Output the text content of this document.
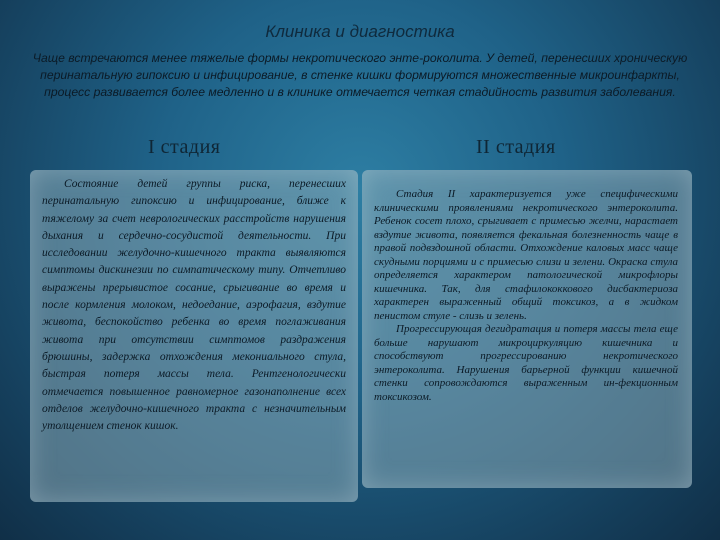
Клиника и диагностика
Чаще встречаются менее тяжелые формы некротического энте-роколита. У детей, перенесших хроническую перинатальную гипоксию и инфицирование, в стенке кишки формируются множественные микроинфаркты, процесс развивается более медленно и в клинике отмечается четкая стадийность развития заболевания.
I стадия	II стадия

Состояние детей группы риска, перенесших перинатальную гипоксию и инфицирование, ближе к тяжелому за счет неврологических расстройств нарушения дыхания и сердечно-сосудистой деятельности. При исследовании желудочно-кишечного тракта выявляются симптомы дискинезии по симпатическому типу. Отчетливо выражены прерывистое сосание, срыгивание во время и после кормления молоком, недоедание, аэрофагия, вздутие живота, беспокойство ребенка во время поглаживания живота при отсутствии симптомов раздражения брюшины, задержка отхождения мекониального стула, быстрая потеря массы тела. Рентгенологически отмечается повышенное равномерное газонаполнение всех отделов желудочно-кишечного тракта с незначительным утолщением стенок кишок.

Стадия II характеризуется уже специфическими клиническими проявлениями некротического энтероколита. Ребенок сосет плохо, срыгивает с примесью желчи, нарастает вздутие живота, появляется фекальная болезненность чаще в правой подвздошной области. Отхождение каловых масс чаще скудными порциями и с примесью слизи и зелени. Окраска стула определяется характером патологической микрофлоры кишечника. Так, для стафилококкового дисбактериоза характерен выраженный общий токсикоз, а в жидком пенистом стуле - слизь и зелень.

Прогрессирующая дегидратация и потеря массы тела еще больше нарушают микроциркуляцию кишечника и способствуют прогрессированию некротического энтероколита. Нарушения барьерной функции кишечной стенки сопровождаются выраженным ин-фекционным токсикозом.
